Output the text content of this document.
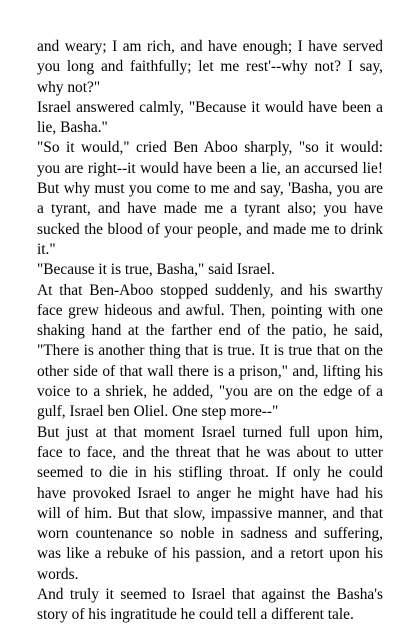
and weary; I am rich, and have enough; I have served you long and faithfully; let me rest'--why not? I say, why not?"

Israel answered calmly, "Because it would have been a lie, Basha."

"So it would," cried Ben Aboo sharply, "so it would: you are right--it would have been a lie, an accursed lie! But why must you come to me and say, 'Basha, you are a tyrant, and have made me a tyrant also; you have sucked the blood of your people, and made me to drink it."

"Because it is true, Basha," said Israel.

At that Ben-Aboo stopped suddenly, and his swarthy face grew hideous and awful. Then, pointing with one shaking hand at the farther end of the patio, he said, "There is another thing that is true. It is true that on the other side of that wall there is a prison," and, lifting his voice to a shriek, he added, "you are on the edge of a gulf, Israel ben Oliel. One step more--"

But just at that moment Israel turned full upon him, face to face, and the threat that he was about to utter seemed to die in his stifling throat. If only he could have provoked Israel to anger he might have had his will of him. But that slow, impassive manner, and that worn countenance so noble in sadness and suffering, was like a rebuke of his passion, and a retort upon his words.

And truly it seemed to Israel that against the Basha's story of his ingratitude he could tell a different tale.
